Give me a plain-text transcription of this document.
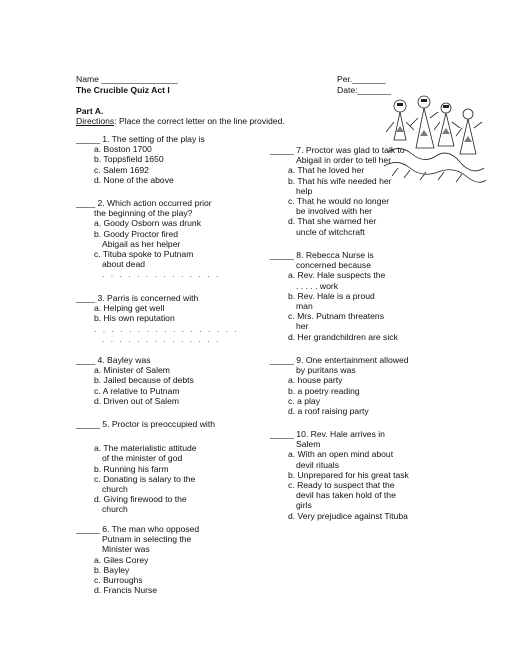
Name ________________	Per._______
The Crucible Quiz Act I	Date:_______
Part A.
Directions: Place the correct letter on the line provided.
_____ 1. The setting of the play is
a. Boston 1700
b. Toppsfield 1650
c. Salem 1692
d. None of the above
____ 2. Which action occurred prior
the beginning of the play?
a. Goody Osborn was drunk
b. Goody Proctor fired
Abigail as her helper
c. Tituba spoke to Putnam
about dead
. . . . . . . . . . . . . .
____ 3. Parris is concerned with
a. Helping get well
b. His own reputation
. . . . . . . . . . . . . . . . .
. . . . . . . . . . . . . .
____ 4. Bayley was
a. Minister of Salem
b. Jailed because of debts
c. A relative to Putnam
d. Driven out of Salem
_____ 5. Proctor is preoccupied with
a. The materialistic attitude
of the minister of god
b. Running his farm
c. Donating is salary to the
church
d. Giving firewood to the
church
_____ 6. The man who opposed
Putnam in selecting the
Minister was
a. Giles Corey
b. Bayley
c. Burroughs
d. Francis Nurse
_____ 7. Proctor was glad to talk to
Abigail in order to tell her
a. That he loved her
b. That his wife needed her
help
c. That he would no longer
be involved with her
d. That she warned her
uncle of witchcraft
_____ 8. Rebecca Nurse is
concerned because
a. Rev. Hale suspects the
. . . . . work
b. Rev. Hale is a proud
man
c. Mrs. Putnam threatens
her
d. Her grandchildren are sick
_____ 9. One entertainment allowed
by puritans was
a. house party
b. a poetry reading
c. a play
d. a roof raising party
_____ 10. Rev. Hale arrives in
Salem
a. With an open mind about
devil rituals
b. Unprepared for his great task
c. Ready to suspect that the
devil has taken hold of the
girls
d. Very prejudice against Tituba
